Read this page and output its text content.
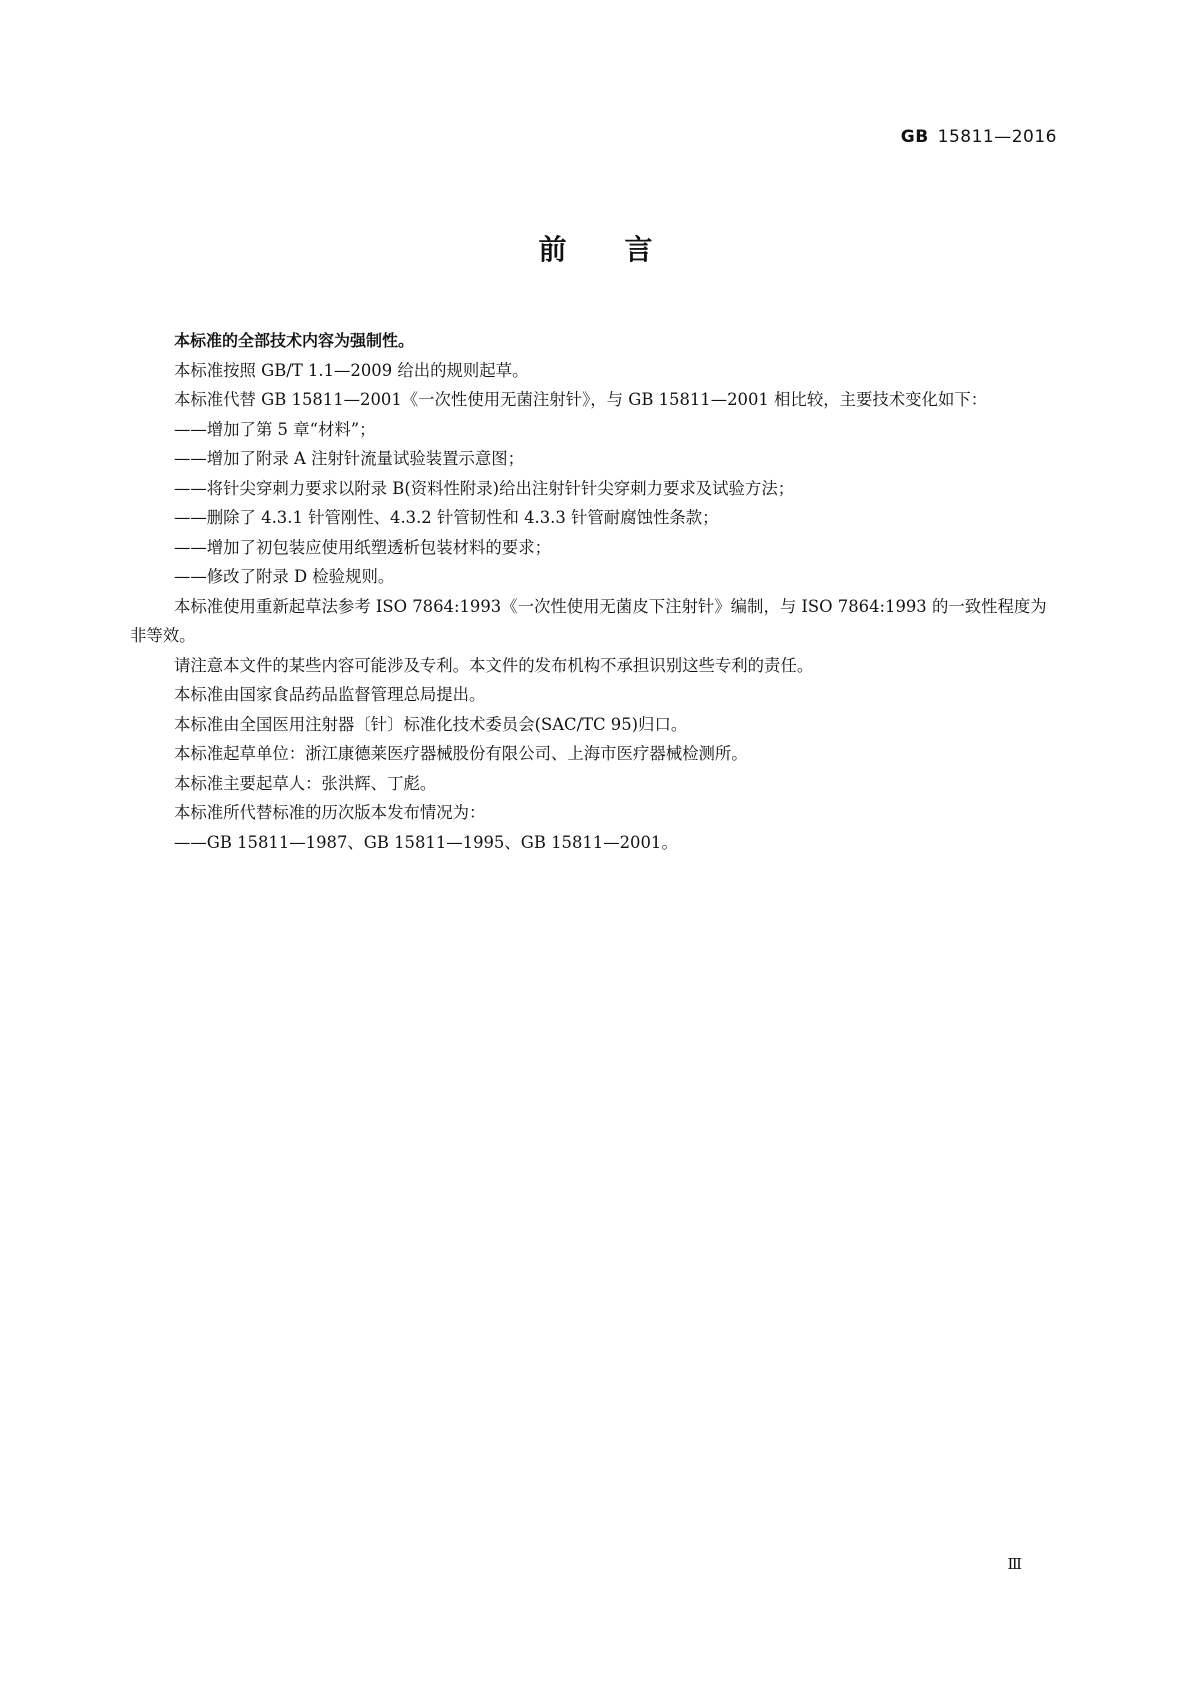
GB 15811—2016
前言

本标准的全部技术内容为强制性。

本标准按照 GB/T 1.1—2009 给出的规则起草。

本标准代替 GB 15811—2001《一次性使用无菌注射针》，与 GB 15811—2001 相比较，主要技术变化如下：

——增加了第 5 章“材料”；

——增加了附录 A 注射针流量试验装置示意图；

——将针尖穿刺力要求以附录 B(资料性附录)给出注射针针尖穿刺力要求及试验方法；

——删除了 4.3.1 针管刚性、4.3.2 针管韧性和 4.3.3 针管耐腐蚀性条款；

——增加了初包装应使用纸塑透析包装材料的要求；

——修改了附录 D 检验规则。

本标准使用重新起草法参考 ISO 7864:1993《一次性使用无菌皮下注射针》编制，与 ISO 7864:1993 的一致性程度为非等效。

请注意本文件的某些内容可能涉及专利。本文件的发布机构不承担识别这些专利的责任。

本标准由国家食品药品监督管理总局提出。

本标准由全国医用注射器〔针〕标准化技术委员会(SAC/TC 95)归口。

本标准起草单位：浙江康德莱医疗器械股份有限公司、上海市医疗器械检测所。

本标准主要起草人：张洪辉、丁彪。

本标准所代替标准的历次版本发布情况为：

——GB 15811—1987、GB 15811—1995、GB 15811—2001。

Ⅲ
